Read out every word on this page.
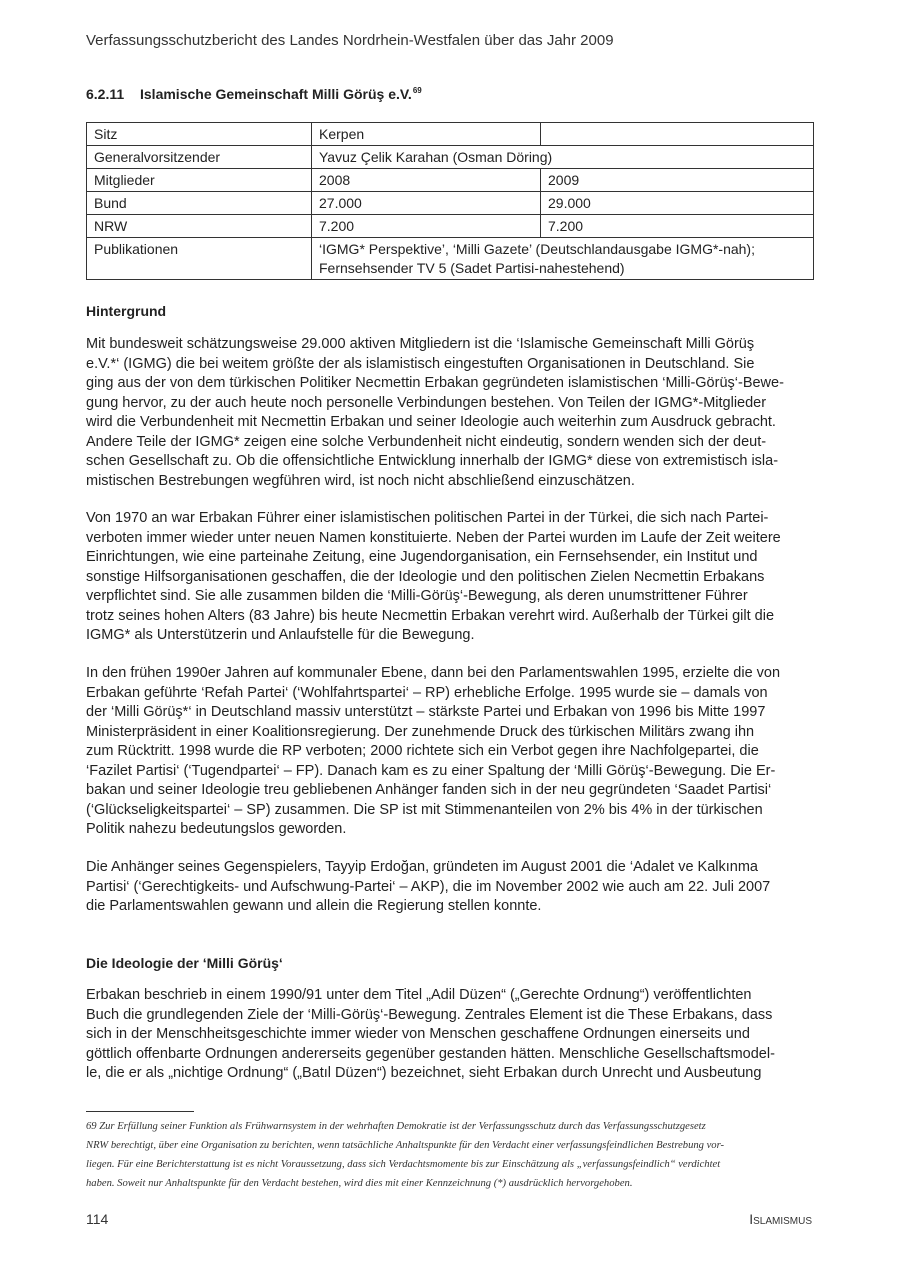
Verfassungsschutzbericht des Landes Nordrhein-Westfalen über das Jahr 2009
6.2.11 Islamische Gemeinschaft Milli Görüş e.V.$^{69}$
Sitz	Kerpen	
Generalvorsitzender	Yavuz Çelik Karahan (Osman Döring)	
Mitglieder	2008	2009
Bund	27.000	29.000
NRW	7.200	7.200
Publikationen	‘IGMG* Perspektive’, ‘Milli Gazete’ (Deutschlandausgabe IGMG*-nah);
Fernsehsender TV 5 (Sadet Partisi-nahestehend)	
Hintergrund
Mit bundesweit schätzungsweise 29.000 aktiven Mitgliedern ist die ‘Islamische Gemeinschaft Milli Görüş
e.V.*‘ (IGMG) die bei weitem größte der als islamistisch eingestuften Organisationen in Deutschland. Sie
ging aus der von dem türkischen Politiker Necmettin Erbakan gegründeten islamistischen ‘Milli-Görüş‘-Bewe-
gung hervor, zu der auch heute noch personelle Verbindungen bestehen. Von Teilen der IGMG*-Mitglieder
wird die Verbundenheit mit Necmettin Erbakan und seiner Ideologie auch weiterhin zum Ausdruck gebracht.
Andere Teile der IGMG* zeigen eine solche Verbundenheit nicht eindeutig, sondern wenden sich der deut-
schen Gesellschaft zu. Ob die offensichtliche Entwicklung innerhalb der IGMG* diese von extremistisch isla-
mistischen Bestrebungen wegführen wird, ist noch nicht abschließend einzuschätzen.
Von 1970 an war Erbakan Führer einer islamistischen politischen Partei in der Türkei, die sich nach Partei-
verboten immer wieder unter neuen Namen konstituierte. Neben der Partei wurden im Laufe der Zeit weitere
Einrichtungen, wie eine parteinahe Zeitung, eine Jugendorganisation, ein Fernsehsender, ein Institut und
sonstige Hilfsorganisationen geschaffen, die der Ideologie und den politischen Zielen Necmettin Erbakans
verpflichtet sind. Sie alle zusammen bilden die ‘Milli-Görüş‘-Bewegung, als deren unumstrittener Führer
trotz seines hohen Alters (83 Jahre) bis heute Necmettin Erbakan verehrt wird. Außerhalb der Türkei gilt die
IGMG* als Unterstützerin und Anlaufstelle für die Bewegung.
In den frühen 1990er Jahren auf kommunaler Ebene, dann bei den Parlamentswahlen 1995, erzielte die von
Erbakan geführte ‘Refah Partei‘ (‘Wohlfahrtspartei‘ – RP) erhebliche Erfolge. 1995 wurde sie – damals von
der ‘Milli Görüş*‘ in Deutschland massiv unterstützt – stärkste Partei und Erbakan von 1996 bis Mitte 1997
Ministerpräsident in einer Koalitionsregierung. Der zunehmende Druck des türkischen Militärs zwang ihn
zum Rücktritt. 1998 wurde die RP verboten; 2000 richtete sich ein Verbot gegen ihre Nachfolgepartei, die
‘Fazilet Partisi‘ (‘Tugendpartei‘ – FP). Danach kam es zu einer Spaltung der ‘Milli Görüş‘-Bewegung. Die Er-
bakan und seiner Ideologie treu gebliebenen Anhänger fanden sich in der neu gegründeten ‘Saadet Partisi‘
(‘Glückseligkeitspartei‘ – SP) zusammen. Die SP ist mit Stimmenanteilen von 2% bis 4% in der türkischen
Politik nahezu bedeutungslos geworden.
Die Anhänger seines Gegenspielers, Tayyip Erdoğan, gründeten im August 2001 die ‘Adalet ve Kalkınma
Partisi‘ (‘Gerechtigkeits- und Aufschwung-Partei‘ – AKP), die im November 2002 wie auch am 22. Juli 2007
die Parlamentswahlen gewann und allein die Regierung stellen konnte.
Die Ideologie der ‘Milli Görüş‘
Erbakan beschrieb in einem 1990/91 unter dem Titel „Adil Düzen“ („Gerechte Ordnung“) veröffentlichten
Buch die grundlegenden Ziele der ‘Milli-Görüş‘-Bewegung. Zentrales Element ist die These Erbakans, dass
sich in der Menschheitsgeschichte immer wieder von Menschen geschaffene Ordnungen einerseits und
göttlich offenbarte Ordnungen andererseits gegenüber gestanden hätten. Menschliche Gesellschaftsmodel-
le, die er als „nichtige Ordnung“ („Batıl Düzen“) bezeichnet, sieht Erbakan durch Unrecht und Ausbeutung
69 Zur Erfüllung seiner Funktion als Frühwarnsystem in der wehrhaften Demokratie ist der Verfassungsschutz durch das Verfassungsschutzgesetz
NRW berechtigt, über eine Organisation zu berichten, wenn tatsächliche Anhaltspunkte für den Verdacht einer verfassungsfeindlichen Bestrebung vor-
liegen. Für eine Berichterstattung ist es nicht Voraussetzung, dass sich Verdachtsmomente bis zur Einschätzung als „verfassungsfeindlich“ verdichtet
haben. Soweit nur Anhaltspunkte für den Verdacht bestehen, wird dies mit einer Kennzeichnung (*) ausdrücklich hervorgehoben.
114	Islamismus
